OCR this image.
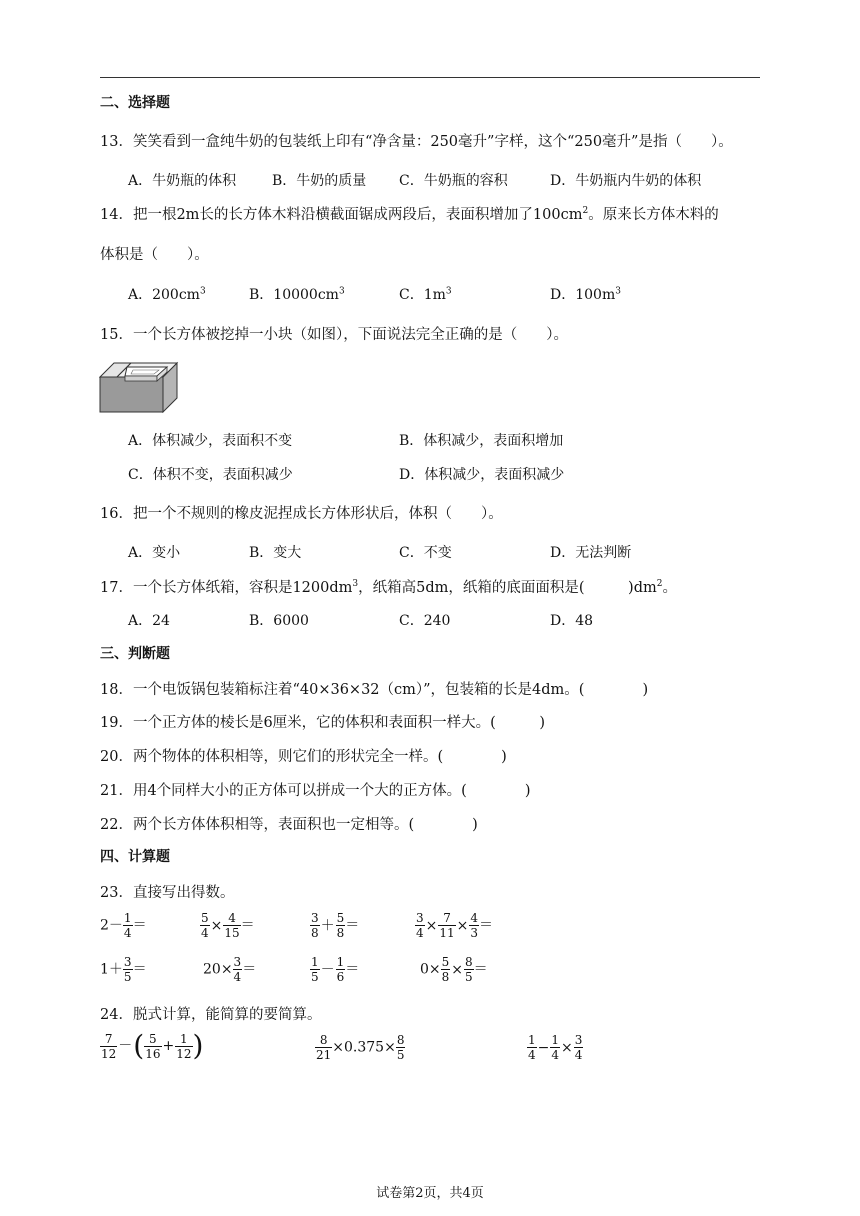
二、选择题
13．笑笑看到一盒纯牛奶的包装纸上印有“净含量：250毫升”字样，这个“250毫升”是指（　　）。
A．牛奶瓶的体积	B．牛奶的质量 C．牛奶瓶的容积	D．牛奶瓶内牛奶的体积
14．把一根2m长的长方体木料沿横截面锯成两段后，表面积增加了$100cm^2$。原来长方体木料的
体积是（　　）。
A．$200cm^3$	B．$10000cm^3$	C．$1m^3$	D．$100m^3$
15．一个长方体被挖掉一小块（如图），下面说法完全正确的是（　　）。
A．体积减少，表面积不变	B．体积减少，表面积增加
C．体积不变，表面积减少	D．体积减少，表面积减少
16．把一个不规则的橡皮泥捏成长方体形状后，体积（　　）。
A．变小	B．变大	C．不变	D．无法判断
17．一个长方体纸箱，容积是$1200dm^3$，纸箱高5dm，纸箱的底面面积是(　　　)$dm^2$。
A．24	B．6000	C．240	D．48
三、判断题
18．一个电饭锅包装箱标注着“40×36×32（cm）”，包装箱的长是4dm。(　　　　)
19．一个正方体的棱长是6厘米，它的体积和表面积一样大。(　　　)
20．两个物体的体积相等，则它们的形状完全一样。(　　　　)
21．用4个同样大小的正方体可以拼成一个大的正方体。(　　　　)
22．两个长方体体积相等，表面积也一定相等。(　　　　)
四、计算题
23．直接写出得数。
$2- \frac{1}{4}$ ＝	$\frac{5}{4} \times \frac{4}{15}$ ＝	$\frac{3}{8} + \frac{5}{8}$ ＝	$\frac{3}{4} \times \frac{7}{11} \times \frac{4}{3}$ ＝
$1+ \frac{3}{5}$ ＝	$20\times \frac{3}{4}$ ＝	$\frac{1}{5} - \frac{1}{6}$ ＝	$0\times \frac{5}{8} \times \frac{8}{5}$ ＝
24．脱式计算，能简算的要简算。
$\frac{7}{12}$ －( $\frac{5}{16} + \frac{1}{12}$ )	$\frac{8}{21} \times 0.375\times \frac{8}{5}$	$\frac{1}{4} - \frac{1}{4} \times \frac{3}{4}$
试卷第2页，共4页
